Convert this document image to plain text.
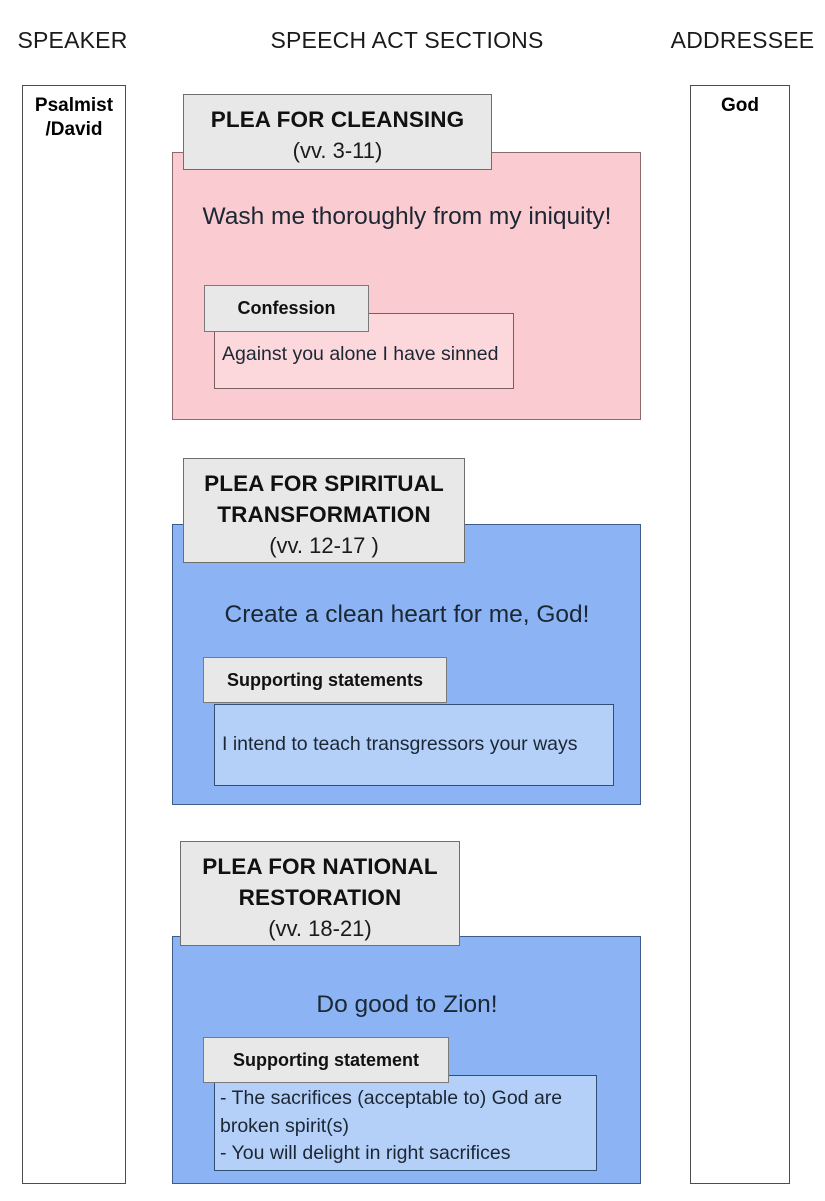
SPEAKER	SPEECH ACT SECTIONS	ADDRESSEE
Psalmist
/David
God
PLEA FOR CLEANSING
(vv. 3-11)
Wash me thoroughly from my iniquity!
Confession
Against you alone I have sinned
PLEA FOR SPIRITUAL TRANSFORMATION
(vv. 12-17 )
Create a clean heart for me, God!
Supporting statements
I intend to teach transgressors your ways
PLEA FOR NATIONAL RESTORATION
(vv. 18-21)
Do good to Zion!
Supporting statement
- The sacrifices (acceptable to) God are broken spirit(s)
- You will delight in right sacrifices
